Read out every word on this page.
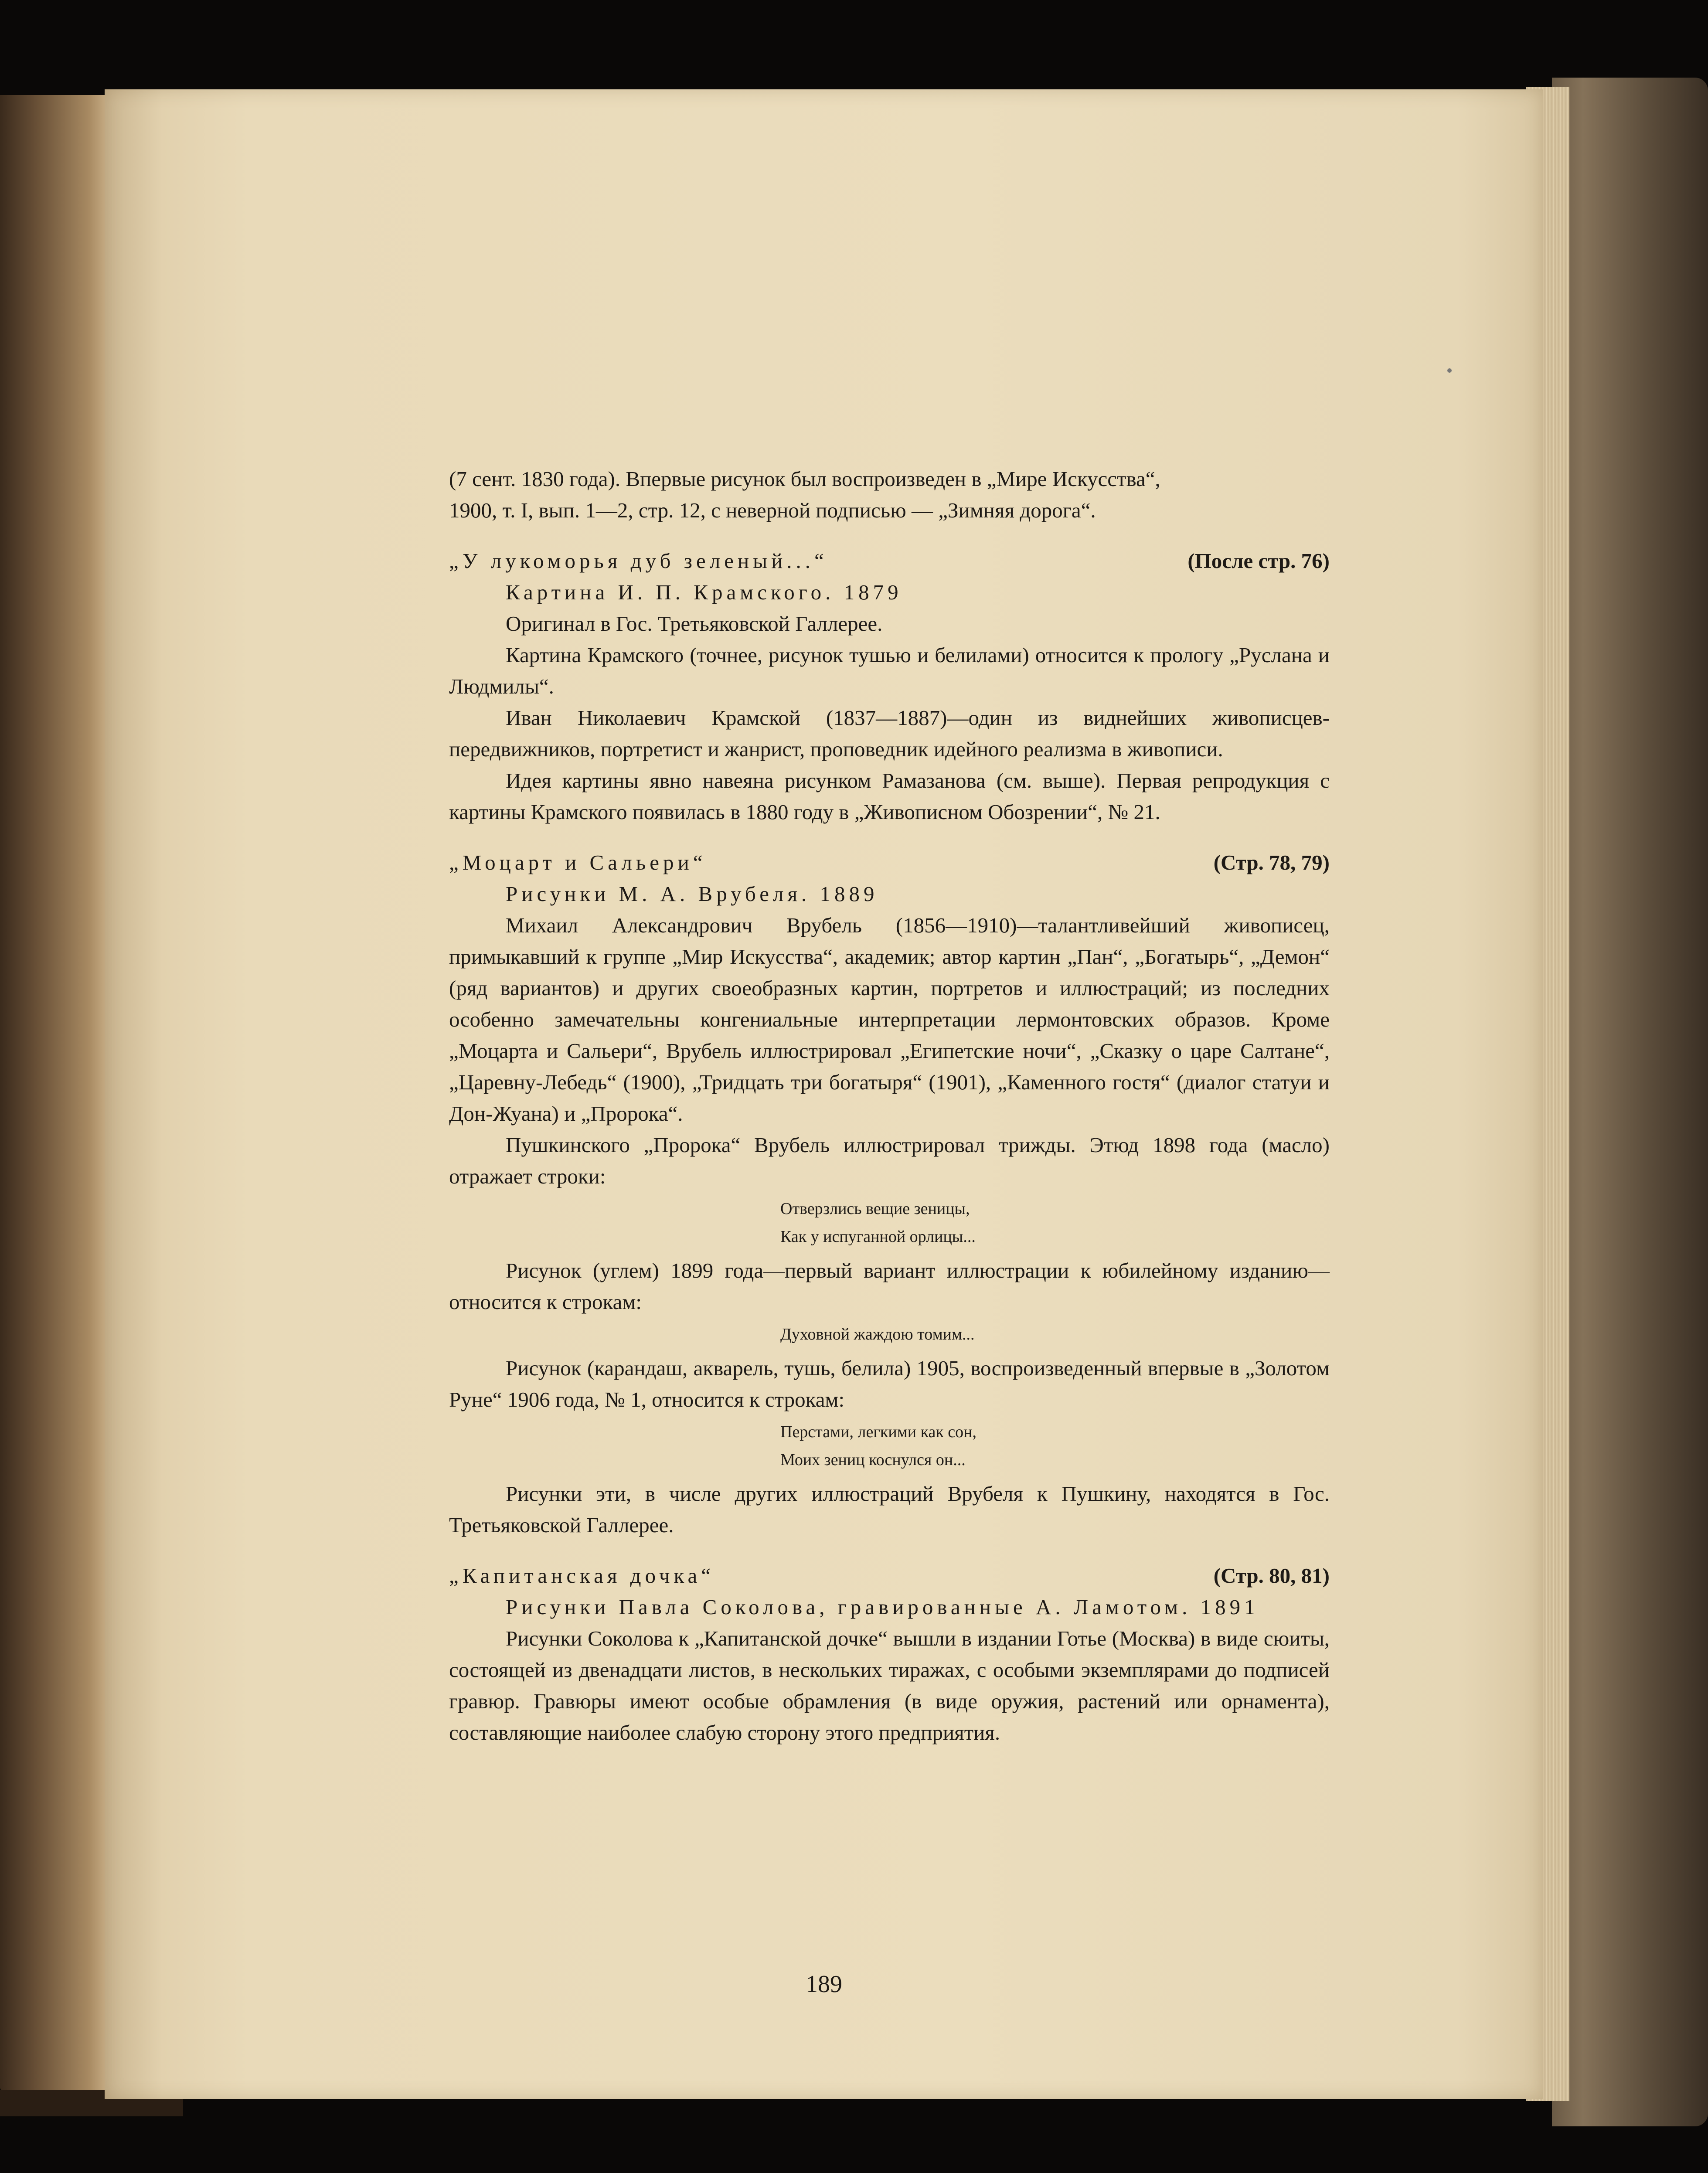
(7 сент. 1830 года). Впервые рисунок был воспроизведен в „Мире Искусства“,

1900, т. I, вып. 1—2, стр. 12, с неверной подписью — „Зимняя дорога“.

„У лукоморья дуб зеленый...“	(После стр. 76)

Картина И. П. Крамского. 1879

Оригинал в Гос. Третьяковской Галлерее.

Картина Крамского (точнее, рисунок тушью и белилами) относится к прологу „Руслана и Людмилы“.

Иван Николаевич Крамской (1837—1887)—один из виднейших живописцев-передвижников, портретист и жанрист, проповедник идейного реализма в живописи.

Идея картины явно навеяна рисунком Рамазанова (см. выше). Первая репродукция с картины Крамского появилась в 1880 году в „Живописном Обозрении“, № 21.

„Моцарт и Сальери“	(Стр. 78, 79)

Рисунки М. А. Врубеля. 1889

Михаил Александрович Врубель (1856—1910)—талантливейший живописец, примыкавший к группе „Мир Искусства“, академик; автор картин „Пан“, „Богатырь“, „Демон“ (ряд вариантов) и других своеобразных картин, портретов и иллюстраций; из последних особенно замечательны конгениальные интерпретации лермонтовских образов. Кроме „Моцарта и Сальери“, Врубель иллюстрировал „Египетские ночи“, „Сказку о царе Салтане“, „Царевну-Лебедь“ (1900), „Тридцать три богатыря“ (1901), „Каменного гостя“ (диалог статуи и Дон-Жуана) и „Пророка“.

Пушкинского „Пророка“ Врубель иллюстрировал трижды. Этюд 1898 года (масло) отражает строки:

Отверзлись вещие зеницы,
Как у испуганной орлицы...

Рисунок (углем) 1899 года—первый вариант иллюстрации к юбилейному изданию—относится к строкам:

Духовной жаждою томим...

Рисунок (карандаш, акварель, тушь, белила) 1905, воспроизведенный впервые в „Золотом Руне“ 1906 года, № 1, относится к строкам:

Перстами, легкими как сон,
Моих зениц коснулся он...

Рисунки эти, в числе других иллюстраций Врубеля к Пушкину, находятся в Гос. Третьяковской Галлерее.

„Капитанская дочка“	(Стр. 80, 81)

Рисунки Павла Соколова, гравированные А. Ламотом. 1891

Рисунки Соколова к „Капитанской дочке“ вышли в издании Готье (Москва) в виде сюиты, состоящей из двенадцати листов, в нескольких тиражах, с особыми экземплярами до подписей гравюр. Гравюры имеют особые обрамления (в виде оружия, растений или орнамента), составляющие наиболее слабую сторону этого предприятия.

189
